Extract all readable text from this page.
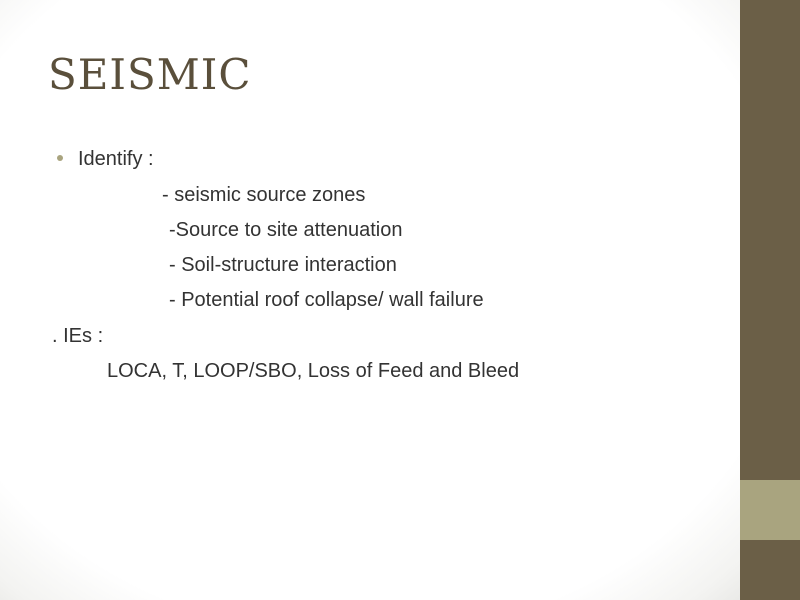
SEISMIC
Identify :
- seismic source zones
-Source to site attenuation
- Soil-structure interaction
- Potential roof collapse/ wall failure
. IEs :
LOCA, T, LOOP/SBO, Loss of Feed and Bleed
